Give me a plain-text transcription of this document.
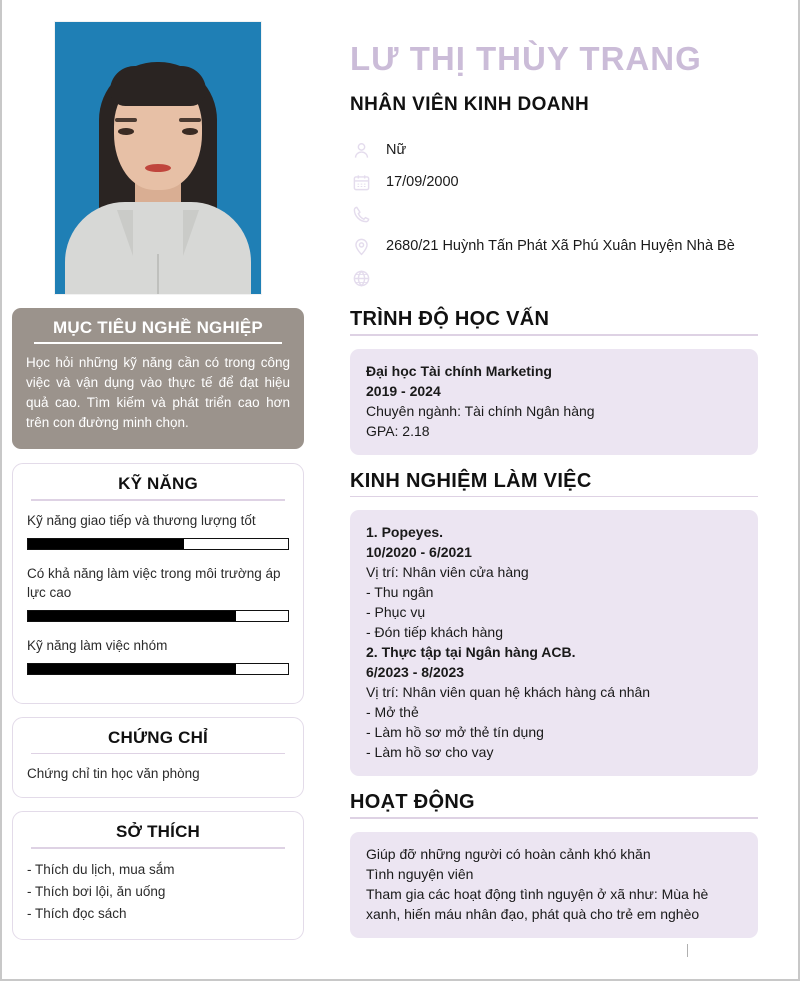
MỤC TIÊU NGHỀ NGHIỆP
Học hỏi những kỹ năng cần có trong công việc và vận dụng vào thực tế để đạt hiệu quả cao. Tìm kiếm và phát triển cao hơn trên con đường minh chọn.
KỸ NĂNG
Kỹ năng giao tiếp và thương lượng tốt
Có khả năng làm việc trong môi trường áp lực cao
Kỹ năng làm việc nhóm
CHỨNG CHỈ
Chứng chỉ tin học văn phòng
SỞ THÍCH
- Thích du lịch, mua sắm
- Thích bơi lội, ăn uống
- Thích đọc sách
LƯ THỊ THÙY TRANG
NHÂN VIÊN KINH DOANH
Nữ
17/09/2000
2680/21 Huỳnh Tấn Phát Xã Phú Xuân Huyện Nhà Bè
TRÌNH ĐỘ HỌC VẤN
Đại học Tài chính Marketing
2019 - 2024
Chuyên ngành: Tài chính Ngân hàng
GPA: 2.18
KINH NGHIỆM LÀM VIỆC
1. Popeyes.
10/2020 - 6/2021
Vị trí: Nhân viên cửa hàng
- Thu ngân
- Phục vụ
- Đón tiếp khách hàng
2. Thực tập tại Ngân hàng ACB.
6/2023 - 8/2023
Vị trí: Nhân viên quan hệ khách hàng cá nhân
- Mở thẻ
- Làm hồ sơ mở thẻ tín dụng
- Làm hồ sơ cho vay
HOẠT ĐỘNG
Giúp đỡ những người có hoàn cảnh khó khăn
Tình nguyện viên
Tham gia các hoạt động tình nguyện ở xã như: Mùa hè
xanh, hiến máu nhân đạo, phát quà cho trẻ em nghèo
